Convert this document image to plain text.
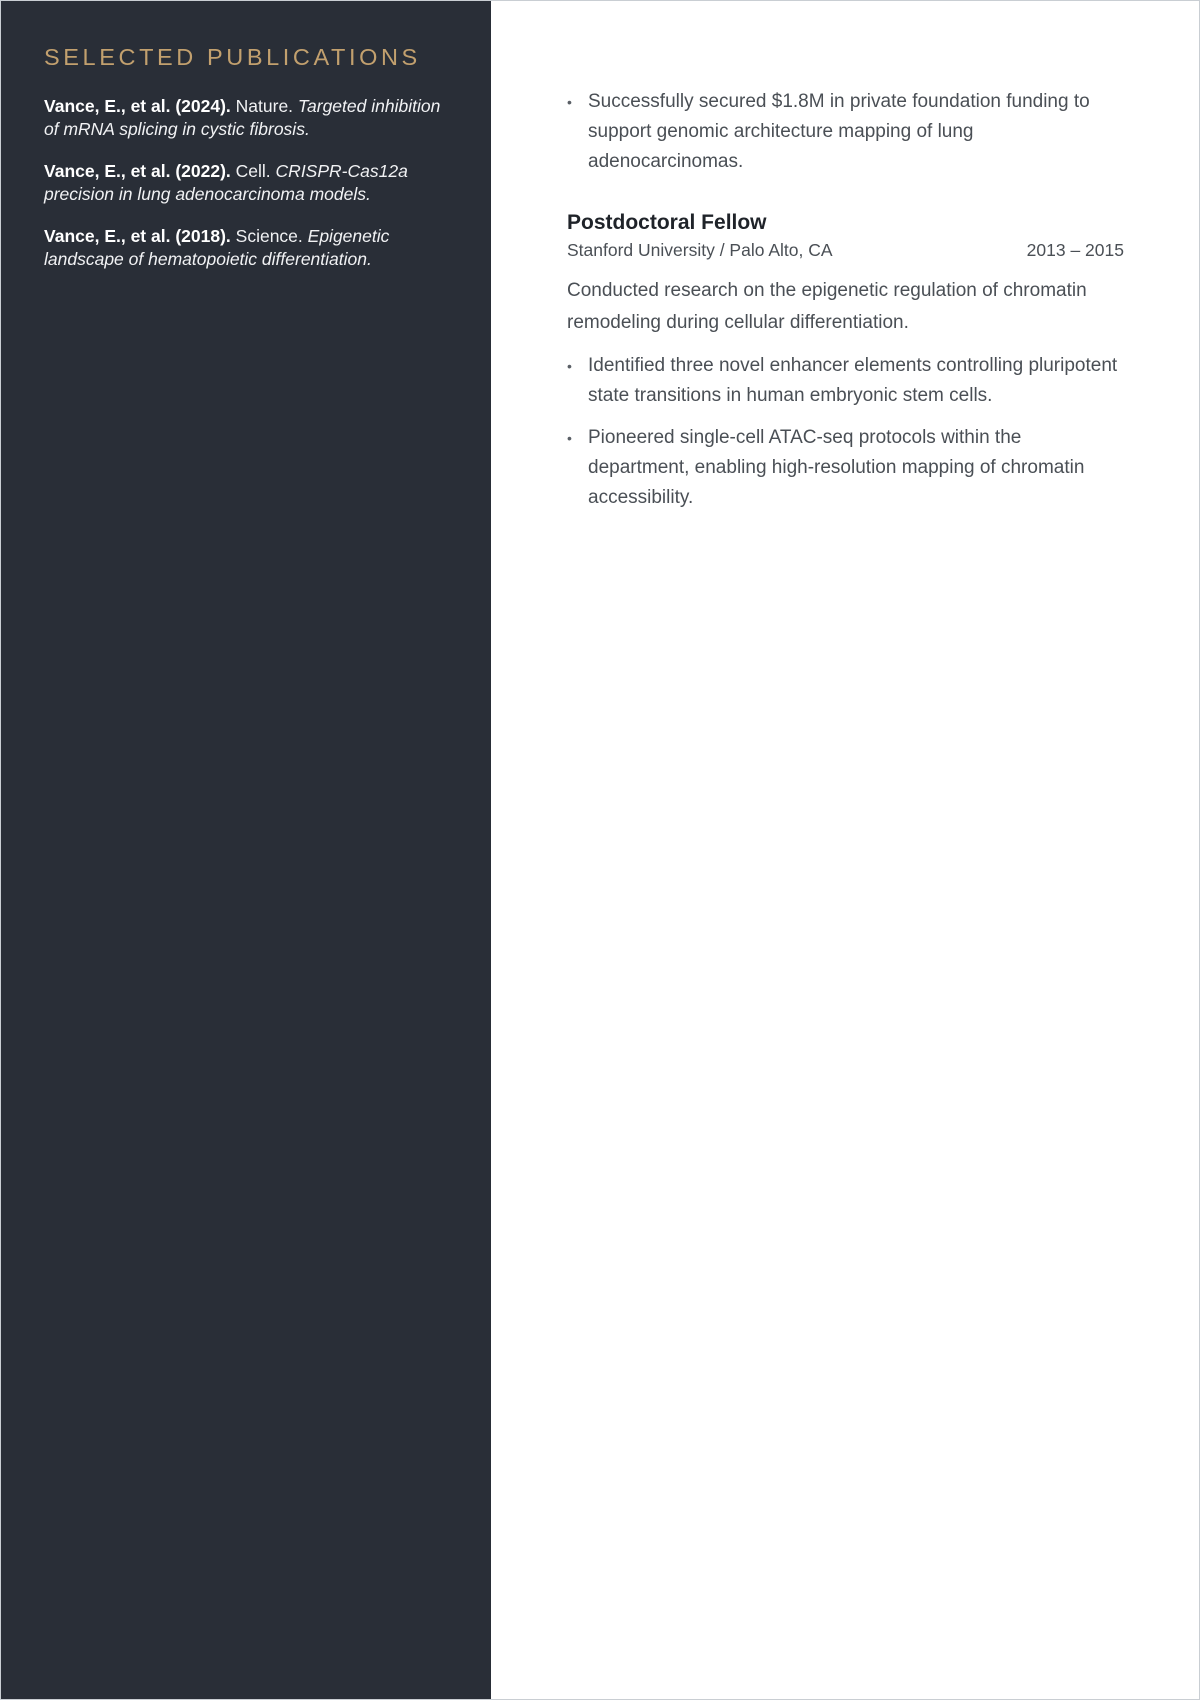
SELECTED PUBLICATIONS

Vance, E., et al. (2024). Nature. Targeted inhibition of mRNA splicing in cystic fibrosis.

Vance, E., et al. (2022). Cell. CRISPR-Cas12a precision in lung adenocarcinoma models.

Vance, E., et al. (2018). Science. Epigenetic landscape of hematopoietic differentiation.

• Successfully secured $1.8M in private foundation funding to support genomic architecture mapping of lung adenocarcinomas.
Postdoctoral Fellow
Stanford University / Palo Alto, CA	2013 – 2015

Conducted research on the epigenetic regulation of chromatin remodeling during cellular differentiation.

• Identified three novel enhancer elements controlling pluripotent state transitions in human embryonic stem cells.
• Pioneered single-cell ATAC-seq protocols within the department, enabling high-resolution mapping of chromatin accessibility.
